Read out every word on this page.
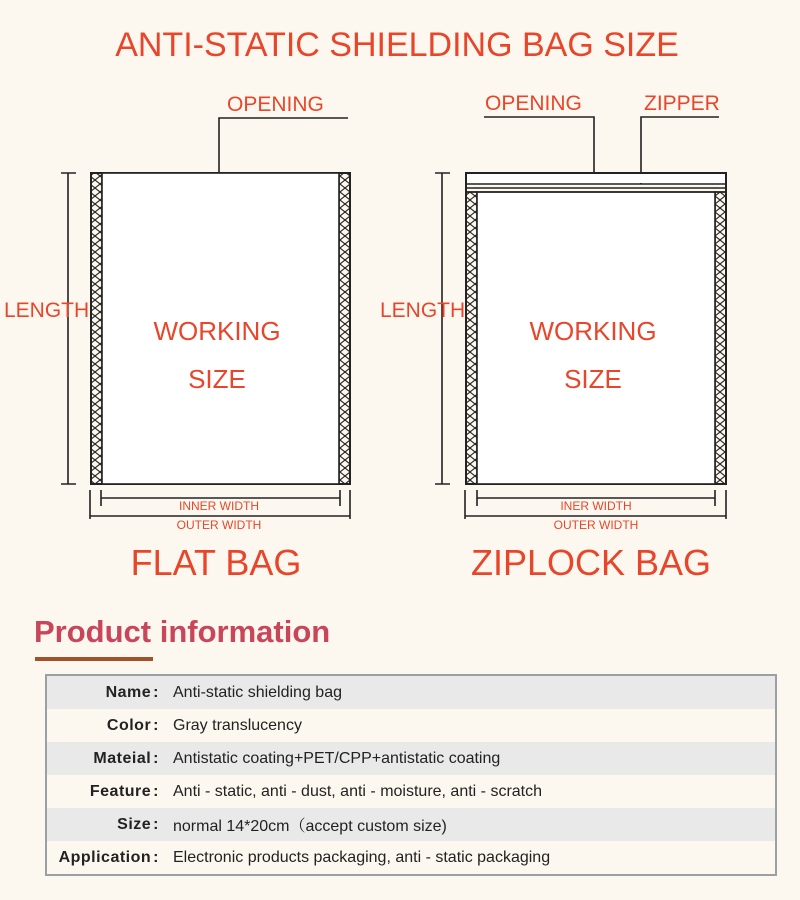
ANTI-STATIC SHIELDING BAG SIZE
OPENING
LENGTH
WORKING
SIZE
INNER WIDTH
OUTER WIDTH
FLAT BAG
OPENING	ZIPPER
LENGTH
WORKING
SIZE
INER WIDTH
OUTER WIDTH
ZIPLOCK BAG
Product information
Name :	Anti-static shielding bag
Color :	Gray translucency
Mateial :	Antistatic coating+PET/CPP+antistatic coating
Feature :	Anti - static, anti - dust, anti - moisture, anti - scratch
Size :	normal 14*20cm（accept custom size)
Application :	Electronic products packaging, anti - static packaging
